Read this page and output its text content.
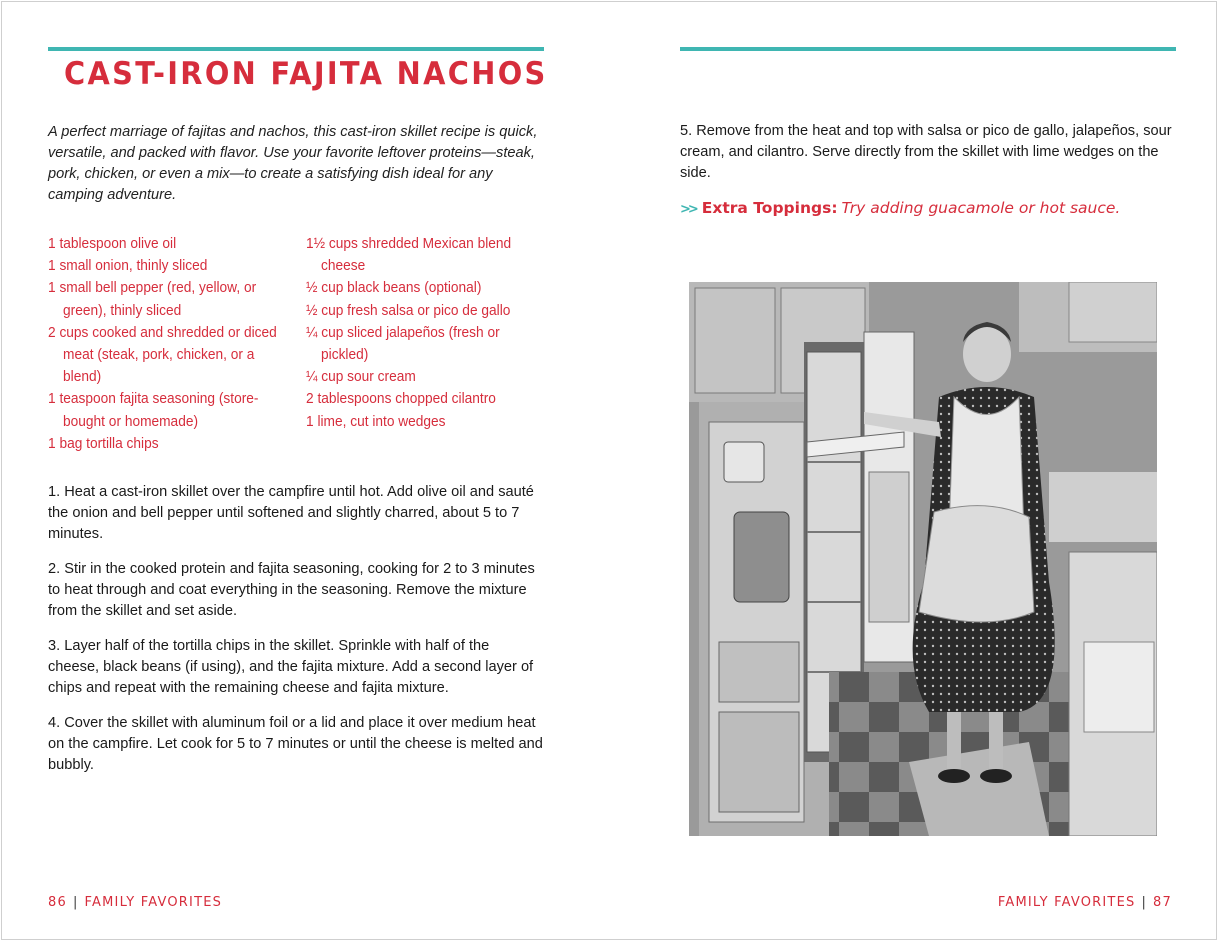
CAST-IRON FAJITA NACHOS

A perfect marriage of fajitas and nachos, this cast-iron skillet recipe is quick, versatile, and packed with flavor. Use your favorite leftover proteins—steak, pork, chicken, or even a mix—to create a satisfying dish ideal for any camping adventure.

1 tablespoon olive oil
1 small onion, thinly sliced
1 small bell pepper (red, yellow, or green), thinly sliced
2 cups cooked and shredded or diced meat (steak, pork, chicken, or a blend)
1 teaspoon fajita seasoning (store-bought or homemade)
1 bag tortilla chips
1½ cups shredded Mexican blend cheese
½ cup black beans (optional)
½ cup fresh salsa or pico de gallo
¼ cup sliced jalapeños (fresh or pickled)
¼ cup sour cream
2 tablespoons chopped cilantro
1 lime, cut into wedges

1. Heat a cast-iron skillet over the campfire until hot. Add olive oil and sauté the onion and bell pepper until softened and slightly charred, about 5 to 7 minutes.

2. Stir in the cooked protein and fajita seasoning, cooking for 2 to 3 minutes to heat through and coat everything in the seasoning. Remove the mixture from the skillet and set aside.

3. Layer half of the tortilla chips in the skillet. Sprinkle with half of the cheese, black beans (if using), and the fajita mixture. Add a second layer of chips and repeat with the remaining cheese and fajita mixture.

4. Cover the skillet with aluminum foil or a lid and place it over medium heat on the campfire. Let cook for 5 to 7 minutes or until the cheese is melted and bubbly.

86 | FAMILY FAVORITES

5. Remove from the heat and top with salsa or pico de gallo, jalapeños, sour cream, and cilantro. Serve directly from the skillet with lime wedges on the side.

>> Extra Toppings: Try adding guacamole or hot sauce.

FAMILY FAVORITES | 87
